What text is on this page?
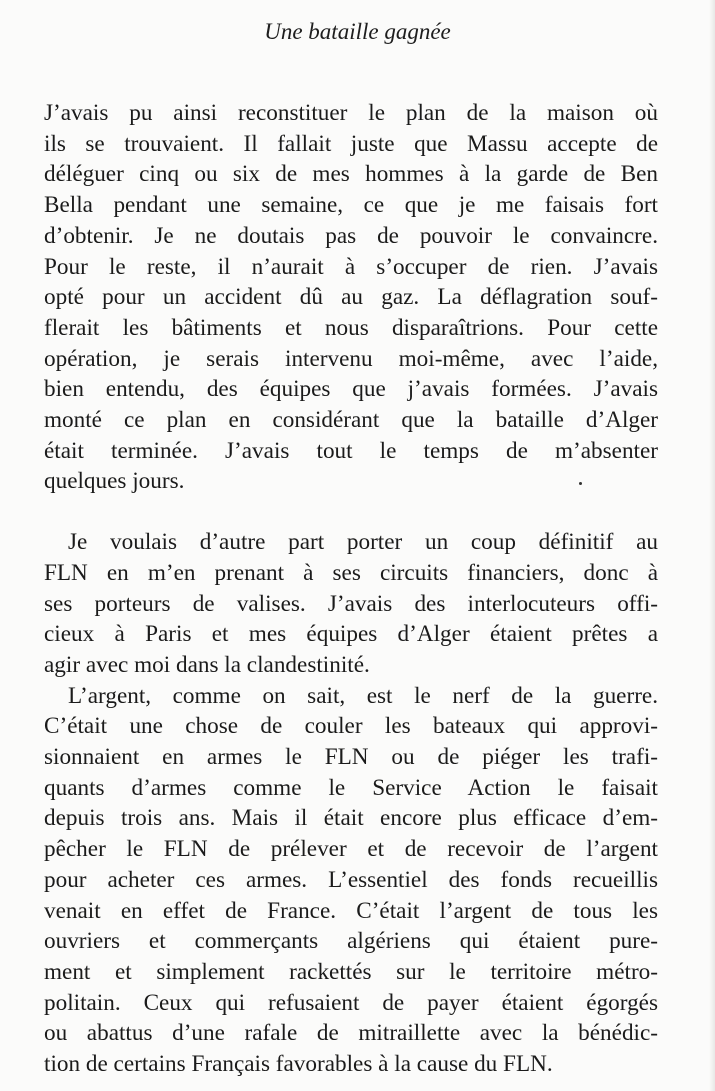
Une bataille gagnée
J’avais pu ainsi reconstituer le plan de la maison où
ils se trouvaient. Il fallait juste que Massu accepte de
déléguer cinq ou six de mes hommes à la garde de Ben
Bella pendant une semaine, ce que je me faisais fort
d’obtenir. Je ne doutais pas de pouvoir le convaincre.
Pour le reste, il n’aurait à s’occuper de rien. J’avais
opté pour un accident dû au gaz. La déflagration souf-
flerait les bâtiments et nous disparaîtrions. Pour cette
opération, je serais intervenu moi-même, avec l’aide,
bien entendu, des équipes que j’avais formées. J’avais
monté ce plan en considérant que la bataille d’Alger
était terminée. J’avais tout le temps de m’absenter
quelques jours.
Je voulais d’autre part porter un coup définitif au
FLN en m’en prenant à ses circuits financiers, donc à
ses porteurs de valises. J’avais des interlocuteurs offi-
cieux à Paris et mes équipes d’Alger étaient prêtes a
agir avec moi dans la clandestinité.
L’argent, comme on sait, est le nerf de la guerre.
C’était une chose de couler les bateaux qui approvi-
sionnaient en armes le FLN ou de piéger les trafi-
quants d’armes comme le Service Action le faisait
depuis trois ans. Mais il était encore plus efficace d’em-
pêcher le FLN de prélever et de recevoir de l’argent
pour acheter ces armes. L’essentiel des fonds recueillis
venait en effet de France. C’était l’argent de tous les
ouvriers et commerçants algériens qui étaient pure-
ment et simplement rackettés sur le territoire métro-
politain. Ceux qui refusaient de payer étaient égorgés
ou abattus d’une rafale de mitraillette avec la bénédic-
tion de certains Français favorables à la cause du FLN.
